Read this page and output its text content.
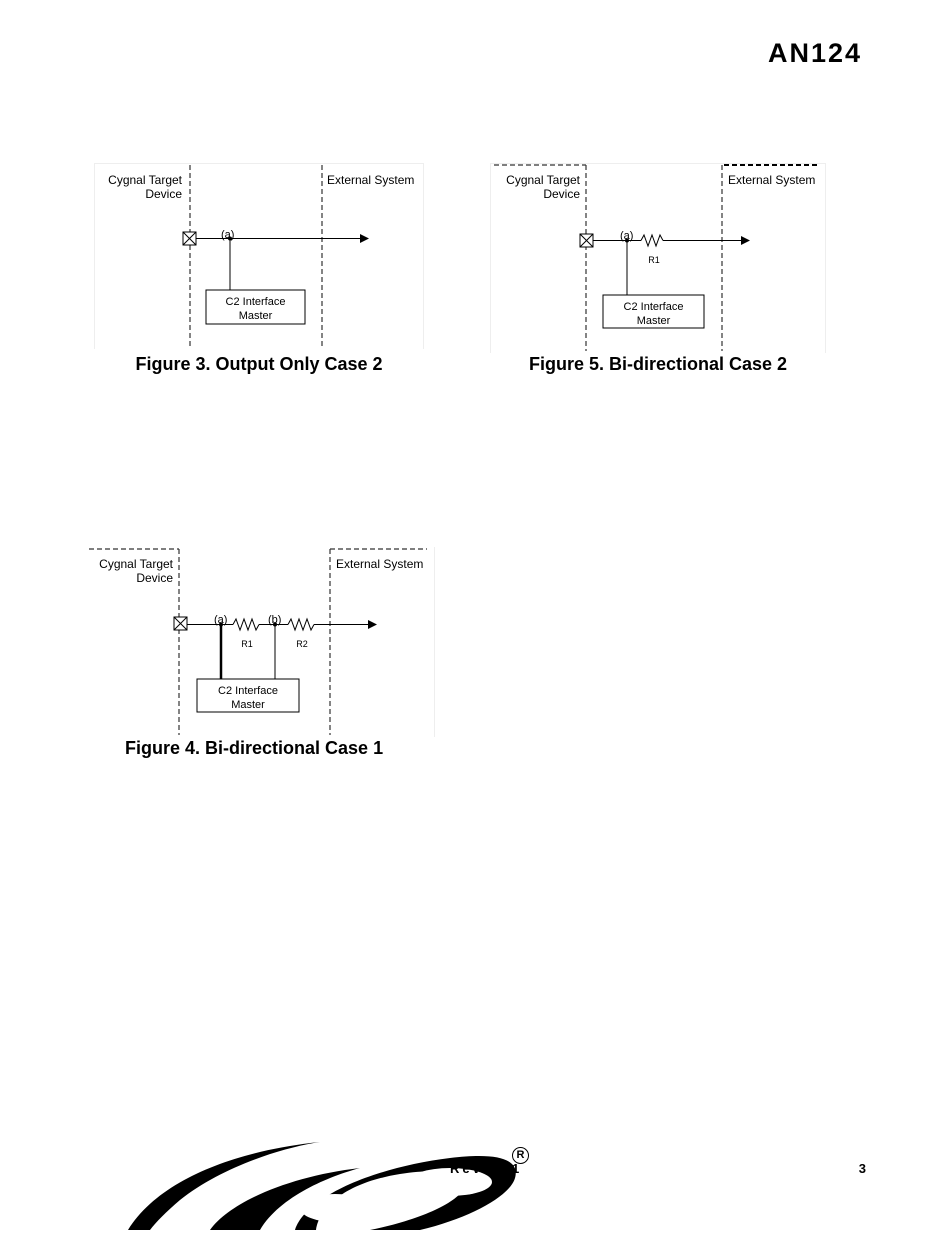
AN124
Cygnal Target
Device
External System
(a)
C2 Interface
Master
Figure 3. Output Only Case 2
Cygnal Target
Device
External System
(a)
R1
C2 Interface
Master
Figure 5. Bi-directional Case 2
Cygnal Target
Device
External System
(a)	(b)
R1	R2
C2 Interface
Master
Figure 4. Bi-directional Case 1
Rev. 1.1
R
3
